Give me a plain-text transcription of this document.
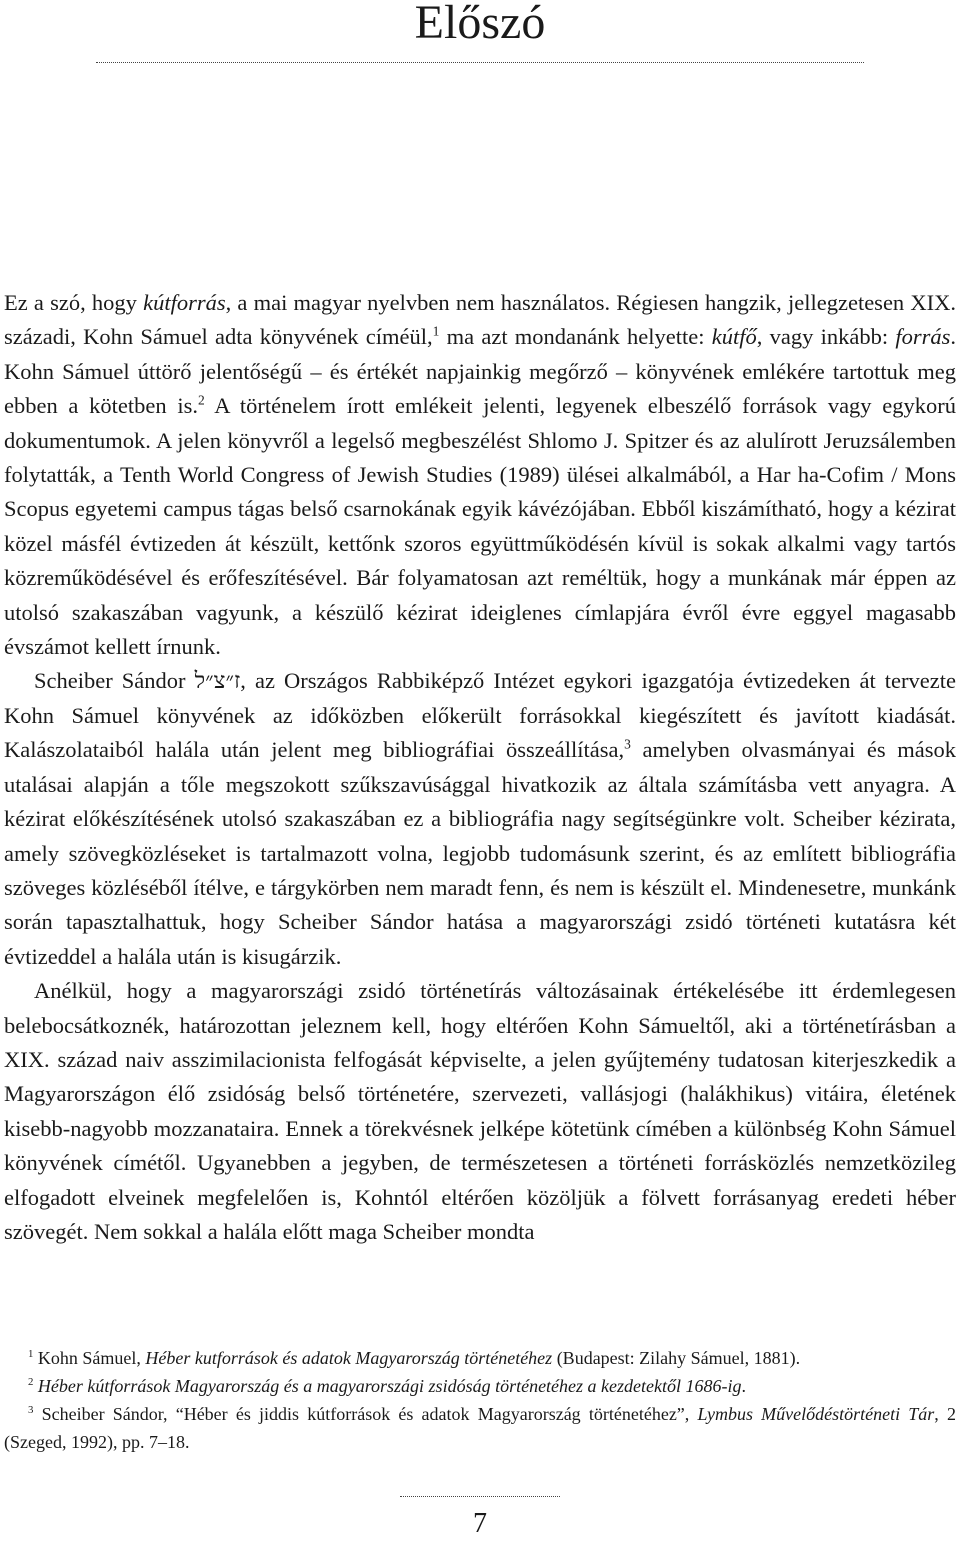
Előszó

Ez a szó, hogy kútforrás, a mai magyar nyelvben nem használatos. Régiesen hangzik, jellegzetesen XIX. századi, Kohn Sámuel adta könyvének címéül,$^1$ ma azt mondanánk helyette: kútfő, vagy inkább: forrás. Kohn Sámuel úttörő jelentőségű – és értékét napjainkig megőrző – könyvének emlékére tartottuk meg ebben a kötetben is.$^2$ A történelem írott emlékeit jelenti, legyenek elbeszélő források vagy egykorú dokumentumok. A jelen könyvről a legelső megbeszélést Shlomo J. Spitzer és az alulírott Jeruzsálemben folytatták, a Tenth World Congress of Jewish Studies (1989) ülései alkalmából, a Har ha-Cofim / Mons Scopus egyetemi campus tágas belső csarnokának egyik kávézójában. Ebből kiszámítható, hogy a kézirat közel másfél évtizeden át készült, kettőnk szoros együttműködésén kívül is sokak alkalmi vagy tartós közreműködésével és erőfeszítésével. Bár folyamatosan azt reméltük, hogy a munkának már éppen az utolsó szakaszában vagyunk, a készülő kézirat ideiglenes címlapjára évről évre eggyel magasabb évszámot kellett írnunk.

Scheiber Sándor ז״צ״ל, az Országos Rabbiképző Intézet egykori igazgatója évtizedeken át tervezte Kohn Sámuel könyvének az időközben előkerült forrásokkal kiegészített és javított kiadását. Kalászolataiból halála után jelent meg bibliográfiai összeállítása,$^3$ amelyben olvasmányai és mások utalásai alapján a tőle megszokott szűkszavúsággal hivatkozik az általa számításba vett anyagra. A kézirat előkészítésének utolsó szakaszában ez a bibliográfia nagy segítségünkre volt. Scheiber kézirata, amely szövegközléseket is tartalmazott volna, legjobb tudomásunk szerint, és az említett bibliográfia szöveges közléséből ítélve, e tárgykörben nem maradt fenn, és nem is készült el. Mindenesetre, munkánk során tapasztalhattuk, hogy Scheiber Sándor hatása a magyarországi zsidó történeti kutatásra két évtizeddel a halála után is kisugárzik.

Anélkül, hogy a magyarországi zsidó történetírás változásainak értékelésébe itt érdemlegesen belebocsátkoznék, határozottan jeleznem kell, hogy eltérően Kohn Sámueltől, aki a történetírásban a XIX. század naiv asszimilacionista felfogását képviselte, a jelen gyűjtemény tudatosan kiterjeszkedik a Magyarországon élő zsidóság belső történetére, szervezeti, vallásjogi (halákhikus) vitáira, életének kisebb-nagyobb mozzanataira. Ennek a törekvésnek jelképe kötetünk címében a különbség Kohn Sámuel könyvének címétől. Ugyanebben a jegyben, de természetesen a történeti forrásközlés nemzetközileg elfogadott elveinek megfelelően is, Kohntól eltérően közöljük a fölvett forrásanyag eredeti héber szövegét. Nem sokkal a halála előtt maga Scheiber mondta

$^1$ Kohn Sámuel, Héber kutforrások és adatok Magyarország történetéhez (Budapest: Zilahy Sámuel, 1881).

$^2$ Héber kútforrások Magyarország és a magyarországi zsidóság történetéhez a kezdetektől 1686-ig.

$^3$ Scheiber Sándor, “Héber és jiddis kútforrások és adatok Magyarország történetéhez”, Lymbus Művelődéstörténeti Tár, 2 (Szeged, 1992), pp. 7–18.

7
